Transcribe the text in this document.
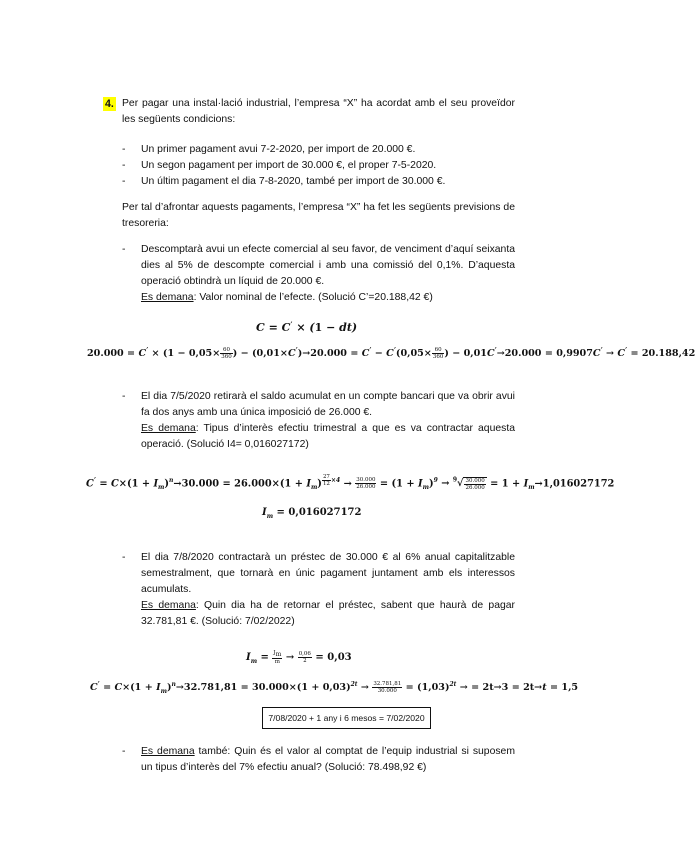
4. Per pagar una instal·lació industrial, l’empresa “X” ha acordat amb el seu proveïdor les següents condicions:
- Un primer pagament avui 7-2-2020, per import de 20.000 €.
- Un segon pagament per import de 30.000 €, el proper 7-5-2020.
- Un últim pagament el dia 7-8-2020, també per import de 30.000 €.
Per tal d’afrontar aquests pagaments, l’empresa “X” ha fet les següents previsions de tresoreria:
- Descomptarà avui un efecte comercial al seu favor, de venciment d’aquí seixanta dies al 5% de descompte comercial i amb una comissió del 0,1%. D’aquesta operació obtindrà un líquid de 20.000 €.
Es demana: Valor nominal de l’efecte. (Solució C’=20.188,42 €)
C = C’ × (1 − dt)
$20.000 = C^’ \times (1 - 0,05\times \frac{60}{360}$ ) − $(0,01\times C^’)\to 20.000 = C^’ - C^’(0,05\times \frac{60}{360}$ ) − 0,01C’→20.000 = 0,9907C’ → C’ = 20.188,42
- El dia 7/5/2020 retirarà el saldo acumulat en un compte bancari que va obrir avui fa dos anys amb una única imposició de 26.000 €.
Es demana: Tipus d’interès efectiu trimestral a que es va contractar aquesta operació. (Solució I4= 0,016027172)
$C^’ = C\times(1 + I_m)^n\to 30.000 = 26.000\times(1 + I_m)$ $^{\frac{27}{12} \times 4} \to \frac{30.000}{26.000} = (1 + I_m)^9 \to ^9√ \frac{30.000}{26.000} = 1 + I_m\to 1,016027172$
$I_m = 0,016027172$
- El dia 7/8/2020 contractarà un préstec de 30.000 € al 6% anual capitalitzable semestralment, que tornarà en únic pagament juntament amb els interessos acumulats.
Es demana: Quin dia ha de retornar el préstec, sabent que haurà de pagar 32.781,81 €. (Solució: 7/02/2022)
$I_m = \frac{J_m}{m} \to \frac{0,06}{2} = 0,03$
$C^’ = C\times(1 + I_m)^n\to 32.781,81 = 30.000\times(1 + 0,03)^{2t} \to \frac{32.781,81}{30.000} = (1,03)^{2t}$ → = 2t→3 = 2t→t = 1,5
7/08/2020 + 1 any i 6 mesos = 7/02/2020
- Es demana també: Quin és el valor al comptat de l’equip industrial si suposem un tipus d’interès del 7% efectiu anual? (Solució: 78.498,92 €)
